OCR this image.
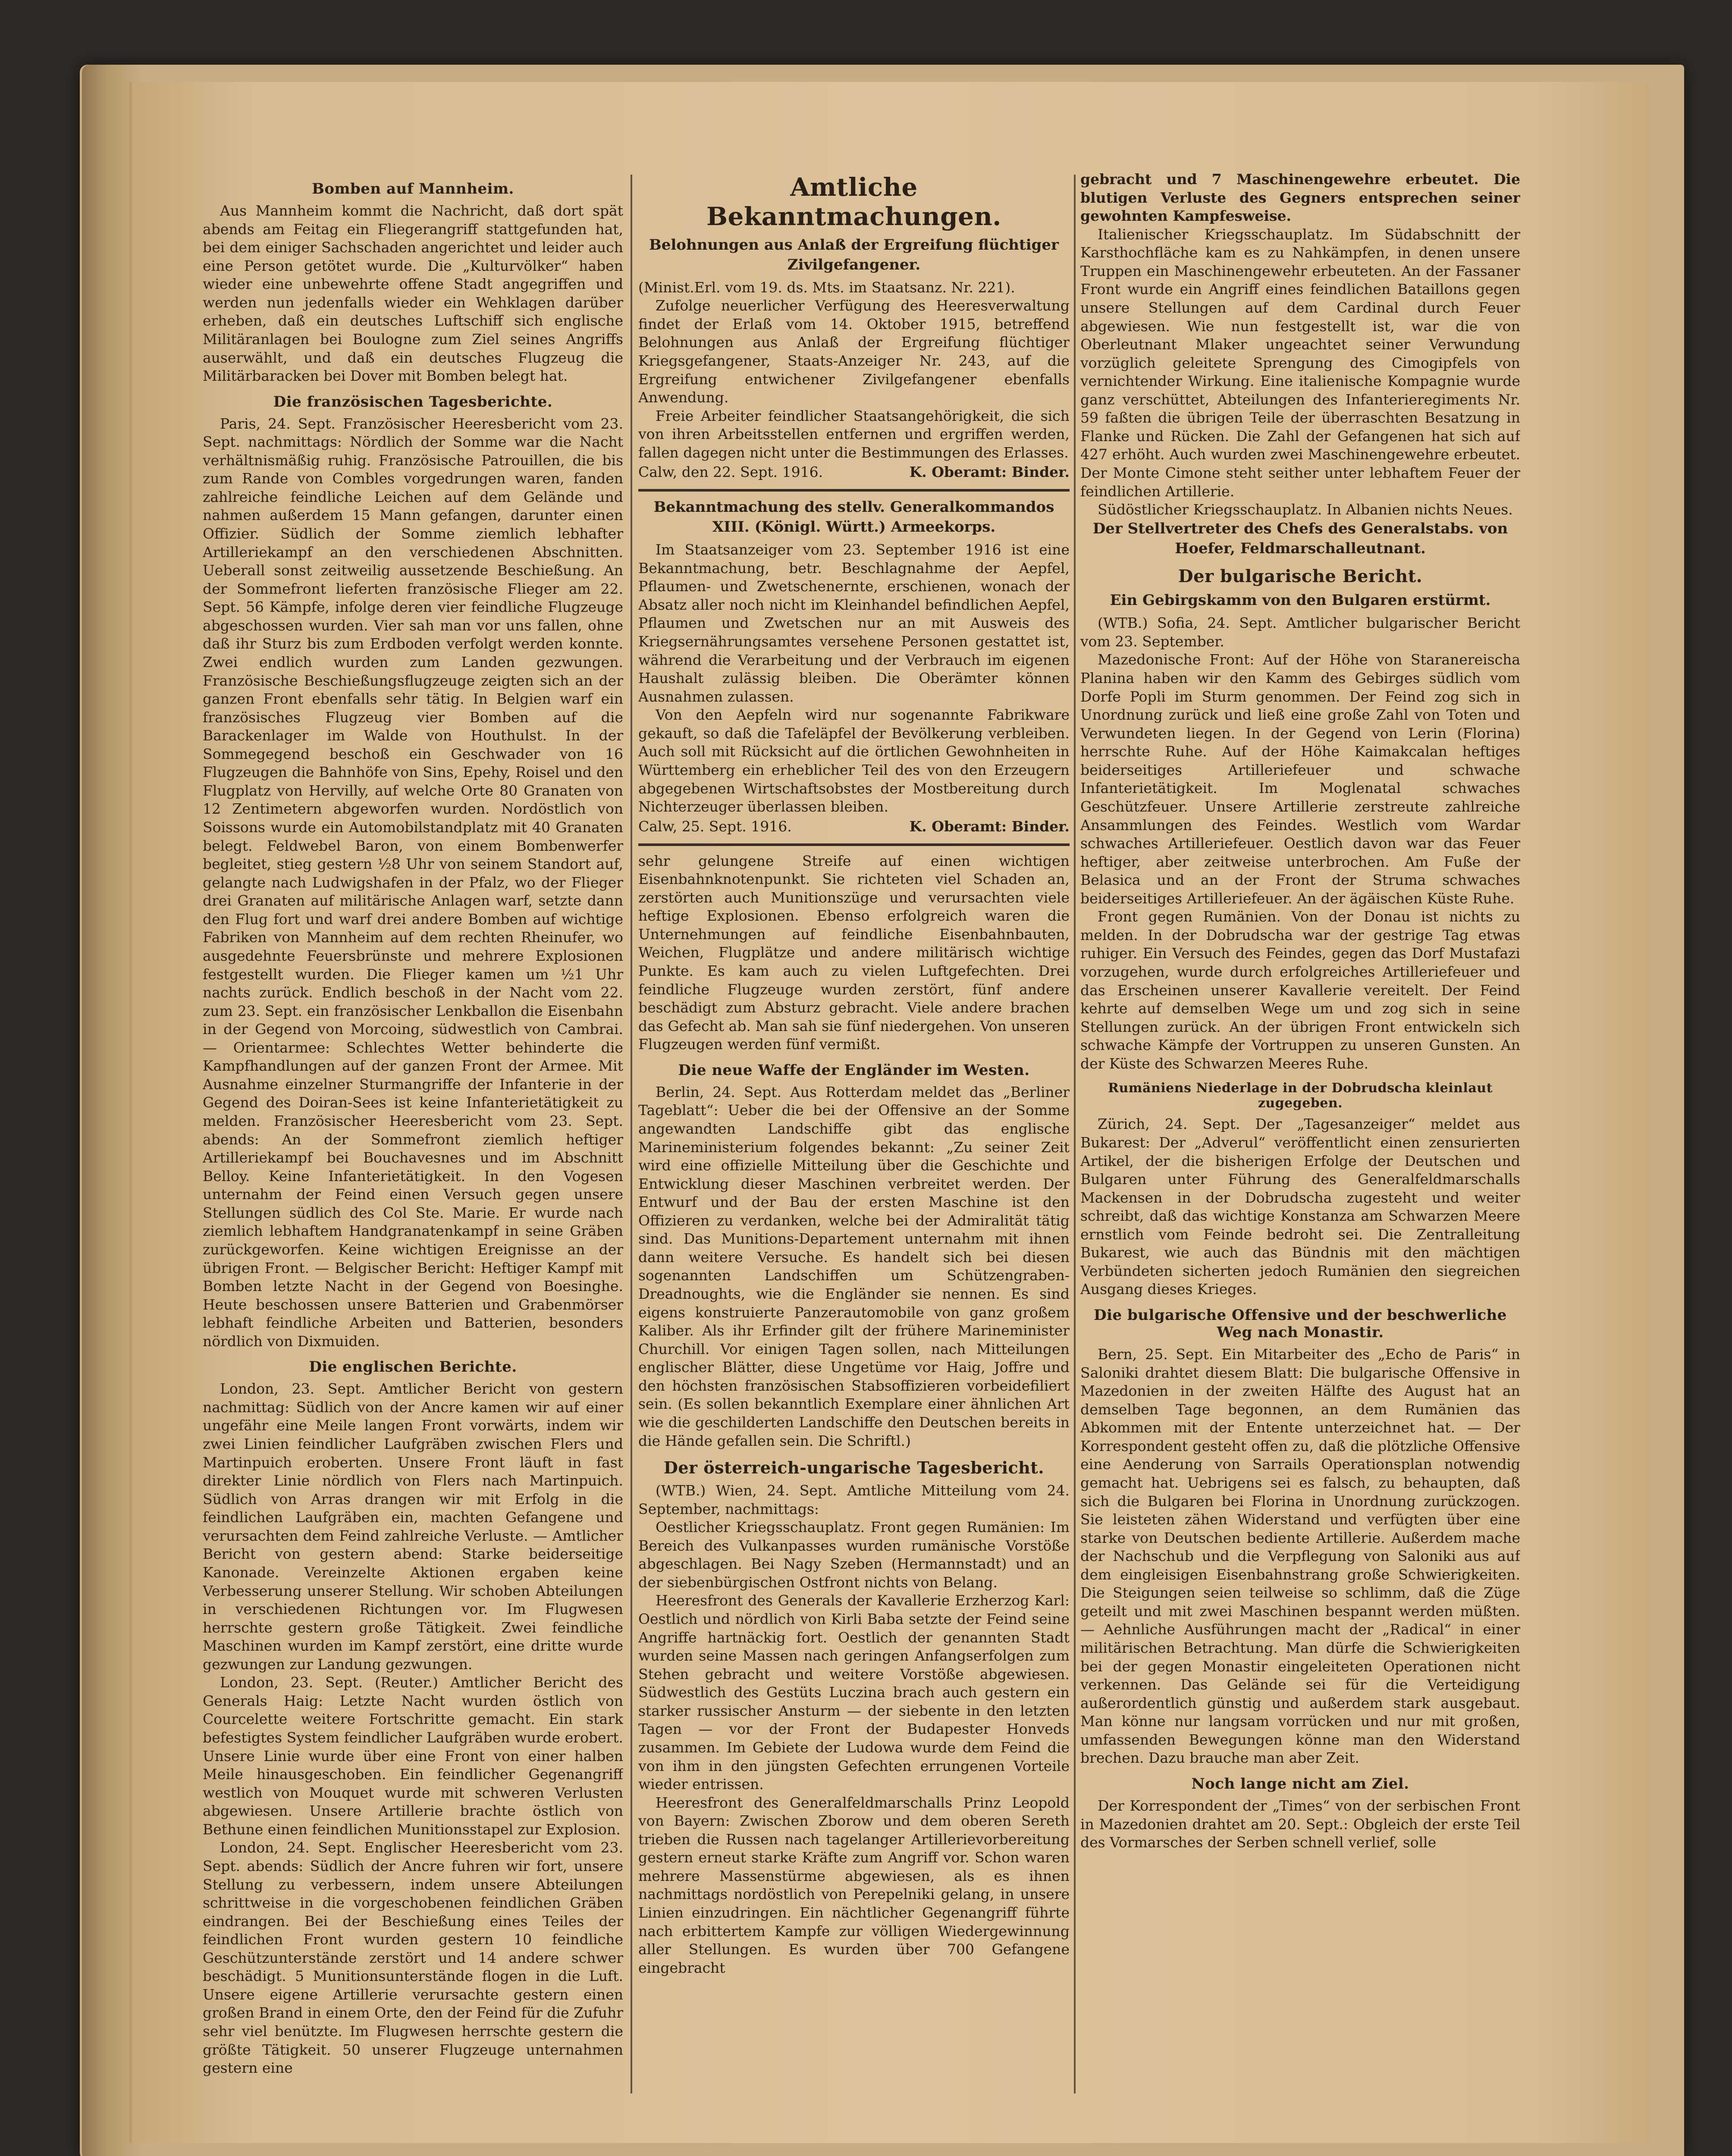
Bomben auf Mannheim.

Aus Mannheim kommt die Nachricht, daß dort spät abends am Feitag ein Fliegerangriff stattgefunden hat, bei dem einiger Sachschaden angerichtet und leider auch eine Person getötet wurde. Die „Kulturvölker“ haben wieder eine unbewehrte offene Stadt angegriffen und werden nun jedenfalls wieder ein Wehklagen darüber erheben, daß ein deutsches Luftschiff sich englische Militäranlagen bei Boulogne zum Ziel seines Angriffs auserwählt, und daß ein deutsches Flugzeug die Militärbaracken bei Dover mit Bomben belegt hat.

Die französischen Tagesberichte.

Paris, 24. Sept. Französischer Heeresbericht vom 23. Sept. nachmittags: Nördlich der Somme war die Nacht verhältnismäßig ruhig. Französische Patrouillen, die bis zum Rande von Combles vorgedrungen waren, fanden zahlreiche feindliche Leichen auf dem Gelände und nahmen außerdem 15 Mann gefangen, darunter einen Offizier. Südlich der Somme ziemlich lebhafter Artilleriekampf an den verschiedenen Abschnitten. Ueberall sonst zeitweilig aussetzende Beschießung. An der Sommefront lieferten französische Flieger am 22. Sept. 56 Kämpfe, infolge deren vier feindliche Flugzeuge abgeschossen wurden. Vier sah man vor uns fallen, ohne daß ihr Sturz bis zum Erdboden verfolgt werden konnte. Zwei endlich wurden zum Landen gezwungen. Französische Beschießungsflugzeuge zeigten sich an der ganzen Front ebenfalls sehr tätig. In Belgien warf ein französisches Flugzeug vier Bomben auf die Barackenlager im Walde von Houthulst. In der Sommegegend beschoß ein Geschwader von 16 Flugzeugen die Bahnhöfe von Sins, Epehy, Roisel und den Flugplatz von Hervilly, auf welche Orte 80 Granaten von 12 Zentimetern abgeworfen wurden. Nordöstlich von Soissons wurde ein Automobilstandplatz mit 40 Granaten belegt. Feldwebel Baron, von einem Bombenwerfer begleitet, stieg gestern ½8 Uhr von seinem Standort auf, gelangte nach Ludwigshafen in der Pfalz, wo der Flieger drei Granaten auf militärische Anlagen warf, setzte dann den Flug fort und warf drei andere Bomben auf wichtige Fabriken von Mannheim auf dem rechten Rheinufer, wo ausgedehnte Feuersbrünste und mehrere Explosionen festgestellt wurden. Die Flieger kamen um ½1 Uhr nachts zurück. Endlich beschoß in der Nacht vom 22. zum 23. Sept. ein französischer Lenkballon die Eisenbahn in der Gegend von Morcoing, südwestlich von Cambrai. — Orientarmee: Schlechtes Wetter behinderte die Kampfhandlungen auf der ganzen Front der Armee. Mit Ausnahme einzelner Sturmangriffe der Infanterie in der Gegend des Doiran-Sees ist keine Infanterietätigkeit zu melden. Französischer Heeresbericht vom 23. Sept. abends: An der Sommefront ziemlich heftiger Artilleriekampf bei Bouchavesnes und im Abschnitt Belloy. Keine Infanterietätigkeit. In den Vogesen unternahm der Feind einen Versuch gegen unsere Stellungen südlich des Col Ste. Marie. Er wurde nach ziemlich lebhaftem Handgranatenkampf in seine Gräben zurückgeworfen. Keine wichtigen Ereignisse an der übrigen Front. — Belgischer Bericht: Heftiger Kampf mit Bomben letzte Nacht in der Gegend von Boesinghe. Heute beschossen unsere Batterien und Grabenmörser lebhaft feindliche Arbeiten und Batterien, besonders nördlich von Dixmuiden.

Die englischen Berichte.

London, 23. Sept. Amtlicher Bericht von gestern nachmittag: Südlich von der Ancre kamen wir auf einer ungefähr eine Meile langen Front vorwärts, indem wir zwei Linien feindlicher Laufgräben zwischen Flers und Martinpuich eroberten. Unsere Front läuft in fast direkter Linie nördlich von Flers nach Martinpuich. Südlich von Arras drangen wir mit Erfolg in die feindlichen Laufgräben ein, machten Gefangene und verursachten dem Feind zahlreiche Verluste. — Amtlicher Bericht von gestern abend: Starke beiderseitige Kanonade. Vereinzelte Aktionen ergaben keine Verbesserung unserer Stellung. Wir schoben Abteilungen in verschiedenen Richtungen vor. Im Flugwesen herrschte gestern große Tätigkeit. Zwei feindliche Maschinen wurden im Kampf zerstört, eine dritte wurde gezwungen zur Landung gezwungen.

London, 23. Sept. (Reuter.) Amtlicher Bericht des Generals Haig: Letzte Nacht wurden östlich von Courcelette weitere Fortschritte gemacht. Ein stark befestigtes System feindlicher Laufgräben wurde erobert. Unsere Linie wurde über eine Front von einer halben Meile hinausgeschoben. Ein feindlicher Gegenangriff westlich von Mouquet wurde mit schweren Verlusten abgewiesen. Unsere Artillerie brachte östlich von Bethune einen feindlichen Munitionsstapel zur Explosion.

London, 24. Sept. Englischer Heeresbericht vom 23. Sept. abends: Südlich der Ancre fuhren wir fort, unsere Stellung zu verbessern, indem unsere Abteilungen schrittweise in die vorgeschobenen feindlichen Gräben eindrangen. Bei der Beschießung eines Teiles der feindlichen Front wurden gestern 10 feindliche Geschützunterstände zerstört und 14 andere schwer beschädigt. 5 Munitionsunterstände flogen in die Luft. Unsere eigene Artillerie verursachte gestern einen großen Brand in einem Orte, den der Feind für die Zufuhr sehr viel benützte. Im Flugwesen herrschte gestern die größte Tätigkeit. 50 unserer Flugzeuge unternahmen gestern eine

Amtliche Bekanntmachungen.
Belohnungen aus Anlaß der Ergreifung flüchtiger Zivilgefangener.

(Minist.Erl. vom 19. ds. Mts. im Staatsanz. Nr. 221).

Zufolge neuerlicher Verfügung des Heeresverwaltung findet der Erlaß vom 14. Oktober 1915, betreffend Belohnungen aus Anlaß der Ergreifung flüchtiger Kriegsgefangener, Staats-Anzeiger Nr. 243, auf die Ergreifung entwichener Zivilgefangener ebenfalls Anwendung.

Freie Arbeiter feindlicher Staatsangehörigkeit, die sich von ihren Arbeitsstellen entfernen und ergriffen werden, fallen dagegen nicht unter die Bestimmungen des Erlasses.

Calw, den 22. Sept. 1916.	K. Oberamt: Binder.
Bekanntmachung des stellv. Generalkommandos XIII. (Königl. Württ.) Armeekorps.

Im Staatsanzeiger vom 23. September 1916 ist eine Bekanntmachung, betr. Beschlagnahme der Aepfel, Pflaumen- und Zwetschenernte, erschienen, wonach der Absatz aller noch nicht im Kleinhandel befindlichen Aepfel, Pflaumen und Zwetschen nur an mit Ausweis des Kriegsernährungsamtes versehene Personen gestattet ist, während die Verarbeitung und der Verbrauch im eigenen Haushalt zulässig bleiben. Die Oberämter können Ausnahmen zulassen.

Von den Aepfeln wird nur sogenannte Fabrikware gekauft, so daß die Tafeläpfel der Bevölkerung verbleiben. Auch soll mit Rücksicht auf die örtlichen Gewohnheiten in Württemberg ein erheblicher Teil des von den Erzeugern abgegebenen Wirtschaftsobstes der Mostbereitung durch Nichterzeuger überlassen bleiben.

Calw, 25. Sept. 1916.	K. Oberamt: Binder.

sehr gelungene Streife auf einen wichtigen Eisenbahnknotenpunkt. Sie richteten viel Schaden an, zerstörten auch Munitionszüge und verursachten viele heftige Explosionen. Ebenso erfolgreich waren die Unternehmungen auf feindliche Eisenbahnbauten, Weichen, Flugplätze und andere militärisch wichtige Punkte. Es kam auch zu vielen Luftgefechten. Drei feindliche Flugzeuge wurden zerstört, fünf andere beschädigt zum Absturz gebracht. Viele andere brachen das Gefecht ab. Man sah sie fünf niedergehen. Von unseren Flugzeugen werden fünf vermißt.

Die neue Waffe der Engländer im Westen.

Berlin, 24. Sept. Aus Rotterdam meldet das „Berliner Tageblatt“: Ueber die bei der Offensive an der Somme angewandten Landschiffe gibt das englische Marineministerium folgendes bekannt: „Zu seiner Zeit wird eine offizielle Mitteilung über die Geschichte und Entwicklung dieser Maschinen verbreitet werden. Der Entwurf und der Bau der ersten Maschine ist den Offizieren zu verdanken, welche bei der Admiralität tätig sind. Das Munitions-Departement unternahm mit ihnen dann weitere Versuche. Es handelt sich bei diesen sogenannten Landschiffen um Schützengraben-Dreadnoughts, wie die Engländer sie nennen. Es sind eigens konstruierte Panzerautomobile von ganz großem Kaliber. Als ihr Erfinder gilt der frühere Marineminister Churchill. Vor einigen Tagen sollen, nach Mitteilungen englischer Blätter, diese Ungetüme vor Haig, Joffre und den höchsten französischen Stabsoffizieren vorbeidefiliert sein. (Es sollen bekanntlich Exemplare einer ähnlichen Art wie die geschilderten Landschiffe den Deutschen bereits in die Hände gefallen sein. Die Schriftl.)

Der österreich-ungarische Tagesbericht.

(WTB.) Wien, 24. Sept. Amtliche Mitteilung vom 24. September, nachmittags:

Oestlicher Kriegsschauplatz. Front gegen Rumänien: Im Bereich des Vulkanpasses wurden rumänische Vorstöße abgeschlagen. Bei Nagy Szeben (Hermannstadt) und an der siebenbürgischen Ostfront nichts von Belang.

Heeresfront des Generals der Kavallerie Erzherzog Karl: Oestlich und nördlich von Kirli Baba setzte der Feind seine Angriffe hartnäckig fort. Oestlich der genannten Stadt wurden seine Massen nach geringen Anfangserfolgen zum Stehen gebracht und weitere Vorstöße abgewiesen. Südwestlich des Gestüts Luczina brach auch gestern ein starker russischer Ansturm — der siebente in den letzten Tagen — vor der Front der Budapester Honveds zusammen. Im Gebiete der Ludowa wurde dem Feind die von ihm in den jüngsten Gefechten errungenen Vorteile wieder entrissen.

Heeresfront des Generalfeldmarschalls Prinz Leopold von Bayern: Zwischen Zborow und dem oberen Sereth trieben die Russen nach tagelanger Artillerievorbereitung gestern erneut starke Kräfte zum Angriff vor. Schon waren mehrere Massenstürme abgewiesen, als es ihnen nachmittags nordöstlich von Perepelniki gelang, in unsere Linien einzudringen. Ein nächtlicher Gegenangriff führte nach erbittertem Kampfe zur völligen Wiedergewinnung aller Stellungen. Es wurden über 700 Gefangene eingebracht

gebracht und 7 Maschinengewehre erbeutet. Die blutigen Verluste des Gegners entsprechen seiner gewohnten Kampfesweise.

Italienischer Kriegsschauplatz. Im Südabschnitt der Karsthochfläche kam es zu Nahkämpfen, in denen unsere Truppen ein Maschinengewehr erbeuteten. An der Fassaner Front wurde ein Angriff eines feindlichen Bataillons gegen unsere Stellungen auf dem Cardinal durch Feuer abgewiesen. Wie nun festgestellt ist, war die von Oberleutnant Mlaker ungeachtet seiner Verwundung vorzüglich geleitete Sprengung des Cimogipfels von vernichtender Wirkung. Eine italienische Kompagnie wurde ganz verschüttet, Abteilungen des Infanterieregiments Nr. 59 faßten die übrigen Teile der überraschten Besatzung in Flanke und Rücken. Die Zahl der Gefangenen hat sich auf 427 erhöht. Auch wurden zwei Maschinengewehre erbeutet. Der Monte Cimone steht seither unter lebhaftem Feuer der feindlichen Artillerie.

Südöstlicher Kriegsschauplatz. In Albanien nichts Neues.

Der Stellvertreter des Chefs des Generalstabs. von Hoefer, Feldmarschalleutnant.
Der bulgarische Bericht.
Ein Gebirgskamm von den Bulgaren erstürmt.

(WTB.) Sofia, 24. Sept. Amtlicher bulgarischer Bericht vom 23. September.

Mazedonische Front: Auf der Höhe von Staranereischa Planina haben wir den Kamm des Gebirges südlich vom Dorfe Popli im Sturm genommen. Der Feind zog sich in Unordnung zurück und ließ eine große Zahl von Toten und Verwundeten liegen. In der Gegend von Lerin (Florina) herrschte Ruhe. Auf der Höhe Kaimakcalan heftiges beiderseitiges Artilleriefeuer und schwache Infanterietätigkeit. Im Moglenatal schwaches Geschützfeuer. Unsere Artillerie zerstreute zahlreiche Ansammlungen des Feindes. Westlich vom Wardar schwaches Artilleriefeuer. Oestlich davon war das Feuer heftiger, aber zeitweise unterbrochen. Am Fuße der Belasica und an der Front der Struma schwaches beiderseitiges Artilleriefeuer. An der ägäischen Küste Ruhe.

Front gegen Rumänien. Von der Donau ist nichts zu melden. In der Dobrudscha war der gestrige Tag etwas ruhiger. Ein Versuch des Feindes, gegen das Dorf Mustafazi vorzugehen, wurde durch erfolgreiches Artilleriefeuer und das Erscheinen unserer Kavallerie vereitelt. Der Feind kehrte auf demselben Wege um und zog sich in seine Stellungen zurück. An der übrigen Front entwickeln sich schwache Kämpfe der Vortruppen zu unseren Gunsten. An der Küste des Schwarzen Meeres Ruhe.

Rumäniens Niederlage in der Dobrudscha kleinlaut zugegeben.

Zürich, 24. Sept. Der „Tagesanzeiger“ meldet aus Bukarest: Der „Adverul“ veröffentlicht einen zensurierten Artikel, der die bisherigen Erfolge der Deutschen und Bulgaren unter Führung des Generalfeldmarschalls Mackensen in der Dobrudscha zugesteht und weiter schreibt, daß das wichtige Konstanza am Schwarzen Meere ernstlich vom Feinde bedroht sei. Die Zentralleitung Bukarest, wie auch das Bündnis mit den mächtigen Verbündeten sicherten jedoch Rumänien den siegreichen Ausgang dieses Krieges.

Die bulgarische Offensive und der beschwerliche Weg nach Monastir.

Bern, 25. Sept. Ein Mitarbeiter des „Echo de Paris“ in Saloniki drahtet diesem Blatt: Die bulgarische Offensive in Mazedonien in der zweiten Hälfte des August hat an demselben Tage begonnen, an dem Rumänien das Abkommen mit der Entente unterzeichnet hat. — Der Korrespondent gesteht offen zu, daß die plötzliche Offensive eine Aenderung von Sarrails Operationsplan notwendig gemacht hat. Uebrigens sei es falsch, zu behaupten, daß sich die Bulgaren bei Florina in Unordnung zurückzogen. Sie leisteten zähen Widerstand und verfügten über eine starke von Deutschen bediente Artillerie. Außerdem mache der Nachschub und die Verpflegung von Saloniki aus auf dem eingleisigen Eisenbahnstrang große Schwierigkeiten. Die Steigungen seien teilweise so schlimm, daß die Züge geteilt und mit zwei Maschinen bespannt werden müßten. — Aehnliche Ausführungen macht der „Radical“ in einer militärischen Betrachtung. Man dürfe die Schwierigkeiten bei der gegen Monastir eingeleiteten Operationen nicht verkennen. Das Gelände sei für die Verteidigung außerordentlich günstig und außerdem stark ausgebaut. Man könne nur langsam vorrücken und nur mit großen, umfassenden Bewegungen könne man den Widerstand brechen. Dazu brauche man aber Zeit.

Noch lange nicht am Ziel.

Der Korrespondent der „Times“ von der serbischen Front in Mazedonien drahtet am 20. Sept.: Obgleich der erste Teil des Vormarsches der Serben schnell verlief, solle
